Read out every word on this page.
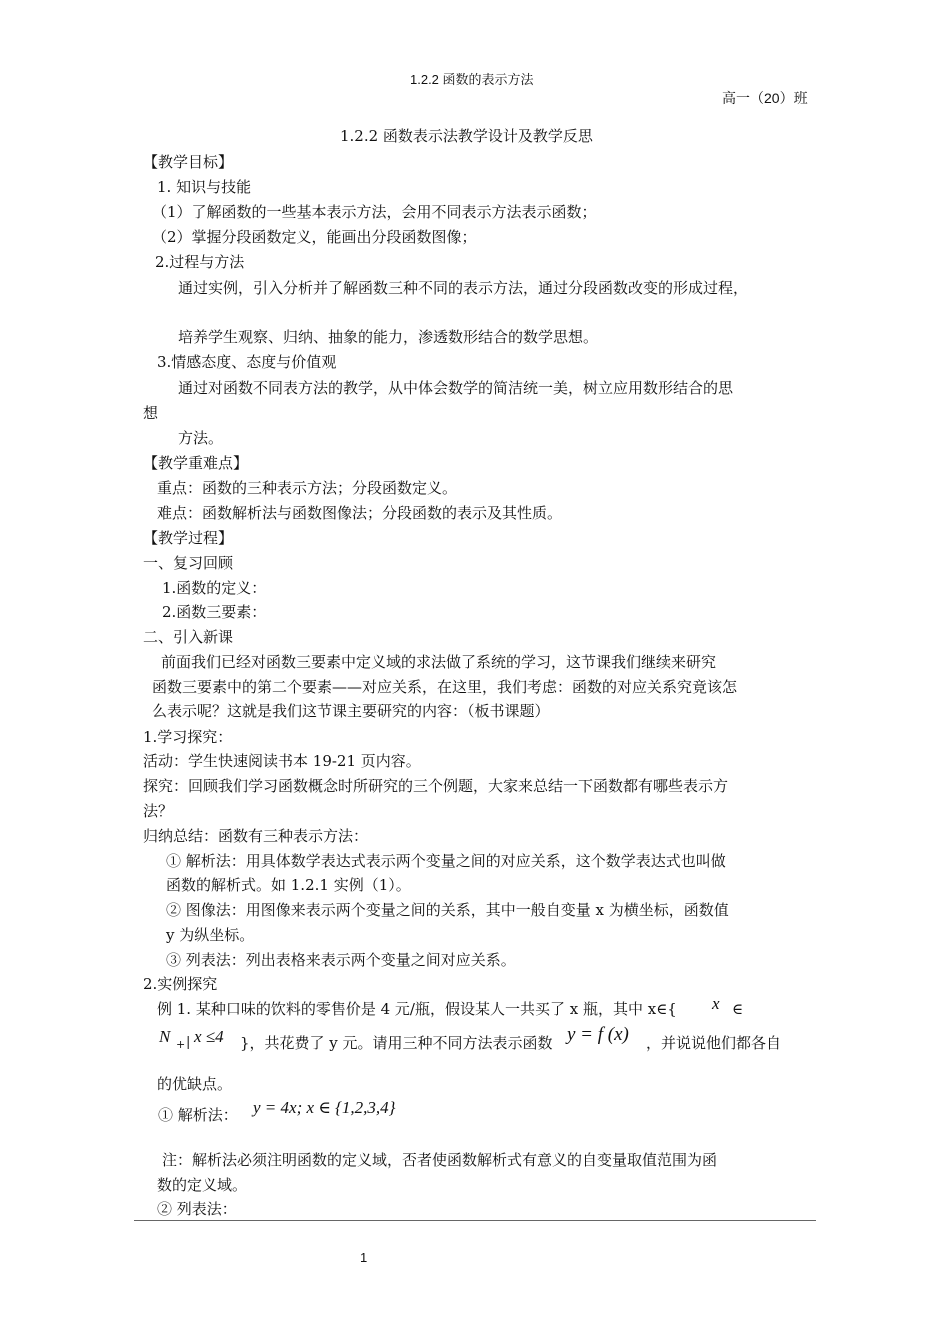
1.2.2 函数的表示方法
高一（20）班
1.2.2 函数表示法教学设计及教学反思
【教学目标】
1. 知识与技能
（1）了解函数的一些基本表示方法，会用不同表示方法表示函数；
（2）掌握分段函数定义，能画出分段函数图像；
2.过程与方法
通过实例，引入分析并了解函数三种不同的表示方法，通过分段函数改变的形成过程，
培养学生观察、归纳、抽象的能力，渗透数形结合的数学思想。
3.情感态度、态度与价值观
通过对函数不同表方法的教学，从中体会数学的简洁统一美，树立应用数形结合的思
想
方法。
【教学重难点】
重点：函数的三种表示方法；分段函数定义。
难点：函数解析法与函数图像法；分段函数的表示及其性质。
【教学过程】
一、复习回顾
1.函数的定义：
2.函数三要素：
二、引入新课
前面我们已经对函数三要素中定义域的求法做了系统的学习，这节课我们继续来研究
函数三要素中的第二个要素——对应关系，在这里，我们考虑：函数的对应关系究竟该怎
么表示呢？这就是我们这节课主要研究的内容：（板书课题）
1.学习探究：
活动：学生快速阅读书本 19-21 页内容。
探究：回顾我们学习函数概念时所研究的三个例题，大家来总结一下函数都有哪些表示方
法？
归纳总结：函数有三种表示方法：
① 解析法：用具体数学表达式表示两个变量之间的对应关系，这个数学表达式也叫做
函数的解析式。如 1.2.1 实例（1）。
② 图像法：用图像来表示两个变量之间的关系，其中一般自变量 x 为横坐标，函数值
y 为纵坐标。
③ 列表法：列出表格来表示两个变量之间对应关系。
2.实例探究
例 1. 某种口味的饮料的零售价是 4 元/瓶，假设某人一共买了 x 瓶，其中 x∈{ x ∈
N + | x ≤4 }，共花费了 y 元。请用三种不同方法表示函数 y = f (x) ，并说说他们都各自
的优缺点。
① 解析法： y = 4x; x ∈ {1,2,3,4}
注：解析法必须注明函数的定义域，否者使函数解析式有意义的自变量取值范围为函
数的定义域。
② 列表法：
1
